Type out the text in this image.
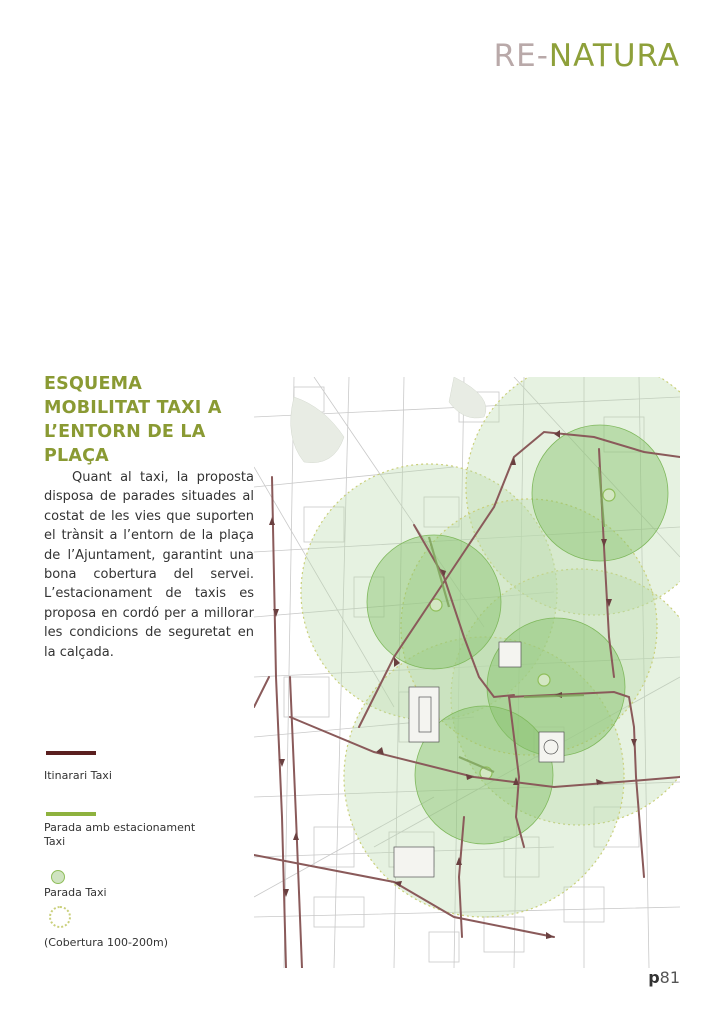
RE-NATURA
ESQUEMA MOBILITAT TAXI A L’ENTORN DE LA PLAÇA
Quant al taxi, la proposta disposa de parades situades al costat de les vies que suporten el trànsit a l’entorn de la plaça de l’Ajuntament, garantint una bona cobertura del servei. L’estacionament de taxis es proposa en cordó per a millorar les condicions de seguretat en la calçada.
Itinarari Taxi
Parada amb estacionament Taxi
Parada Taxi
(Cobertura 100-200m)
p81
